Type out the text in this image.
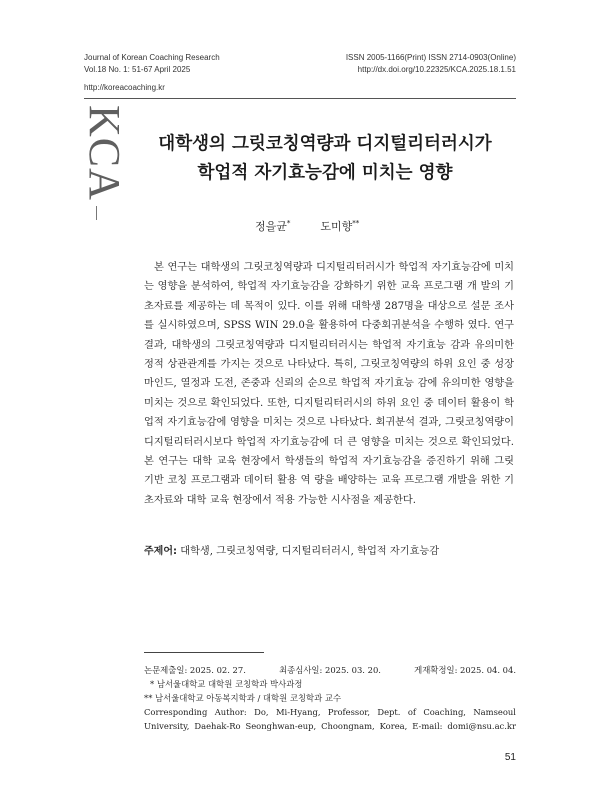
Journal of Korean Coaching Research	ISSN 2005-1166(Print) ISSN 2714-0903(Online)
Vol.18 No. 1: 51-67 April 2025	http://dx.doi.org/10.22325/KCA.2025.18.1.51
http://koreacoaching.kr
KCA	대학생의 그릿코칭역량과 디지털리터러시가
학업적 자기효능감에 미치는 영향
정을균*	도미향**

본 연구는 대학생의 그릿코칭역량과 디지털리터러시가 학업적 자기효능감에 미치는 영향을 분석하여, 학업적 자기효능감을 강화하기 위한 교육 프로그램 개 발의 기초자료를 제공하는 데 목적이 있다. 이를 위해 대학생 287명을 대상으로 설문 조사를 실시하였으며, SPSS WIN 29.0을 활용하여 다중회귀분석을 수행하 였다. 연구 결과, 대학생의 그릿코칭역량과 디지털리터러시는 학업적 자기효능 감과 유의미한 정적 상관관계를 가지는 것으로 나타났다. 특히, 그릿코칭역량의 하위 요인 중 성장 마인드, 열정과 도전, 존중과 신뢰의 순으로 학업적 자기효능 감에 유의미한 영향을 미치는 것으로 확인되었다. 또한, 디지털리터러시의 하위 요인 중 데이터 활용이 학업적 자기효능감에 영향을 미치는 것으로 나타났다. 회귀분석 결과, 그릿코칭역량이 디지털리터러시보다 학업적 자기효능감에 더 큰 영향을 미치는 것으로 확인되었다. 본 연구는 대학 교육 현장에서 학생들의 학업적 자기효능감을 증진하기 위해 그릿 기반 코칭 프로그램과 데이터 활용 역 량을 배양하는 교육 프로그램 개발을 위한 기초자료와 대학 교육 현장에서 적용 가능한 시사점을 제공한다.

주제어: 대학생, 그릿코칭역량, 디지털리터러시, 학업적 자기효능감
논문제출일: 2025. 02. 27.	최종심사일: 2025. 03. 20.	게재확정일: 2025. 04. 04.
* 남서울대학교 대학원 코칭학과 박사과정
** 남서울대학교 아동복지학과 / 대학원 코칭학과 교수
Corresponding Author: Do, Mi-Hyang, Professor, Dept. of Coaching, Namseoul
University, Daehak-Ro Seonghwan-eup, Choongnam, Korea, E-mail: domi@nsu.ac.kr
51
